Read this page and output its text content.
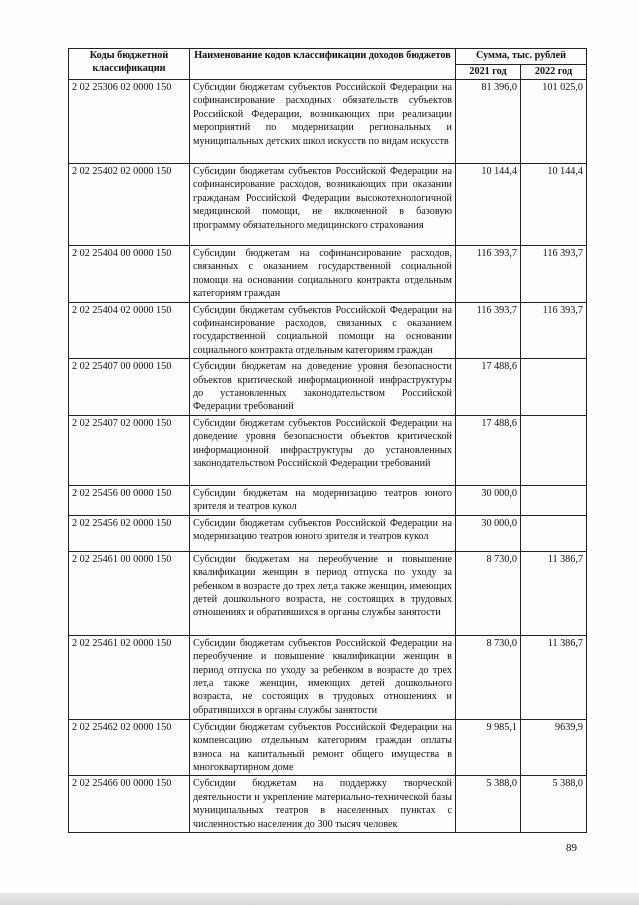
Коды бюджетной классификации	Наименование кодов классификации доходов бюджетов	Сумма, тыс. рублей	
		2021 год	2022 год
2 02 25306 02 0000 150	Субсидии бюджетам субъектов Российской Федерации на софинансирование расходных обязательств субъектов Российской Федерации, возникающих при реализации мероприятий по модернизации региональных и муниципальных детских школ искусств по видам искусств	81 396,0	101 025,0
2 02 25402 02 0000 150	Субсидии бюджетам субъектов Российской Федерации на софинансирование расходов, возникающих при оказании гражданам Российской Федерации высокотехнологичной медицинской помощи, не включенной в базовую программу обязательного медицинского страхования	10 144,4	10 144,4
2 02 25404 00 0000 150	Субсидии бюджетам на софинансирование расходов, связанных с оказанием государственной социальной помощи на основании социального контракта отдельным категориям граждан	116 393,7	116 393,7
2 02 25404 02 0000 150	Субсидии бюджетам субъектов Российской Федерации на софинансирование расходов, связанных с оказанием государственной социальной помощи на основании социального контракта отдельным категориям граждан	116 393,7	116 393,7
2 02 25407 00 0000 150	Субсидии бюджетам на доведение уровня безопасности объектов критической информационной инфраструктуры до установленных законодательством Российской Федерации требований	17 488,6	
2 02 25407 02 0000 150	Субсидии бюджетам субъектов Российской Федерации на доведение уровня безопасности объектов критической информационной инфраструктуры до установленных законодательством Российской Федерации требований	17 488,6	
2 02 25456 00 0000 150	Субсидии бюджетам на модернизацию театров юного зрителя и театров кукол	30 000,0	
2 02 25456 02 0000 150	Субсидии бюджетам субъектов Российской Федерации на модернизацию театров юного зрителя и театров кукол	30 000,0	
2 02 25461 00 0000 150	Субсидии бюджетам на переобучение и повышение квалификации женщин в период отпуска по уходу за ребенком в возрасте до трех лет,а также женщин, имеющих детей дошкольного возраста, не состоящих в трудовых отношениях и обратившихся в органы службы занятости	8 730,0	11 386,7
2 02 25461 02 0000 150	Субсидии бюджетам субъектов Российской Федерации на переобучение и повышение квалификации женщин в период отпуска по уходу за ребенком в возрасте до трех лет,а также женщин, имеющих детей дошкольного возраста, не состоящих в трудовых отношениях и обратившихся в органы службы занятости	8 730,0	11 386,7
2 02 25462 02 0000 150	Субсидии бюджетам субъектов Российской Федерации на компенсацию отдельным категориям граждан оплаты взноса на капитальный ремонт общего имущества в многоквартирном доме	9 985,1	9639,9
2 02 25466 00 0000 150	Субсидии бюджетам на поддержку творческой деятельности и укрепление материально-технической базы муниципальных театров в населенных пунктах с численностью населения до 300 тысяч человек	5 388,0	5 388,0
89
